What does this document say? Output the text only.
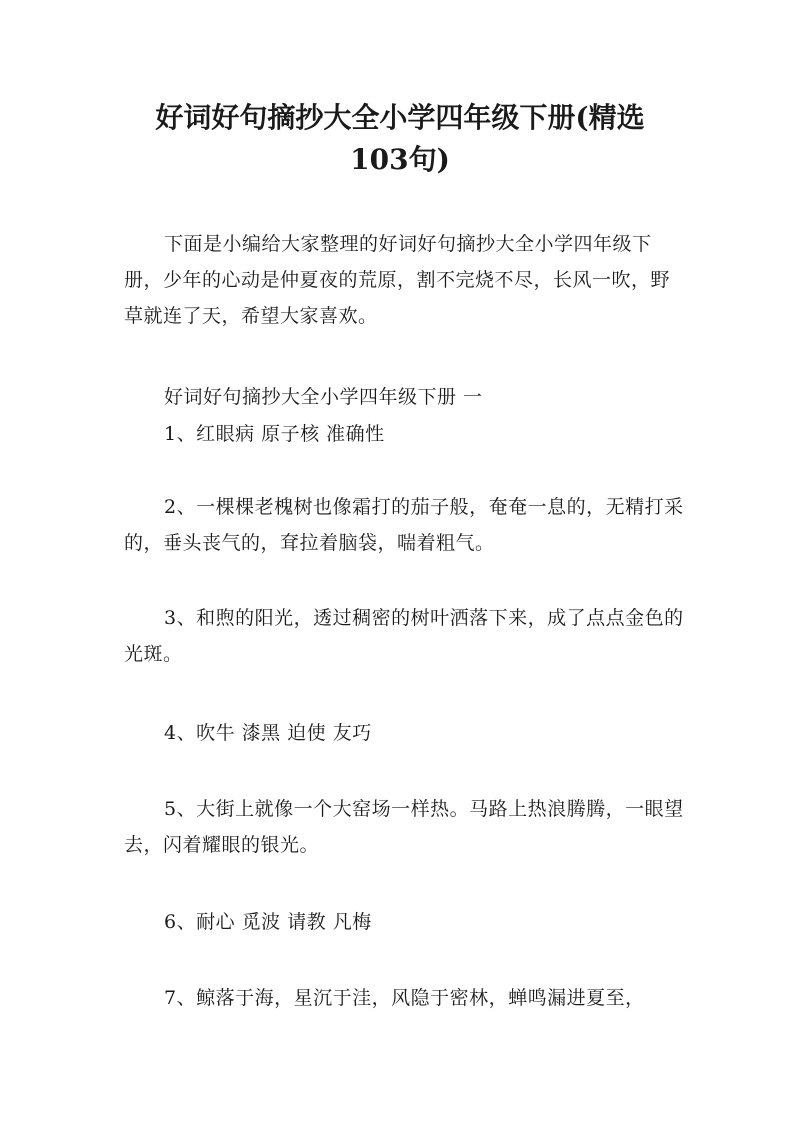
好词好句摘抄大全小学四年级下册(精选
103句)

下面是小编给大家整理的好词好句摘抄大全小学四年级下册，少年的心动是仲夏夜的荒原，割不完烧不尽，长风一吹，野草就连了天，希望大家喜欢。

好词好句摘抄大全小学四年级下册 一

1、红眼病 原子核 准确性

2、一棵棵老槐树也像霜打的茄子般，奄奄一息的，无精打采的，垂头丧气的，耷拉着脑袋，喘着粗气。

3、和煦的阳光，透过稠密的树叶洒落下来，成了点点金色的光斑。

4、吹牛 漆黑 迫使 友巧

5、大街上就像一个大窑场一样热。马路上热浪腾腾，一眼望去，闪着耀眼的银光。

6、耐心 觅波 请教 凡梅

7、鲸落于海，星沉于洼，风隐于密林，蝉鸣漏进夏至，
